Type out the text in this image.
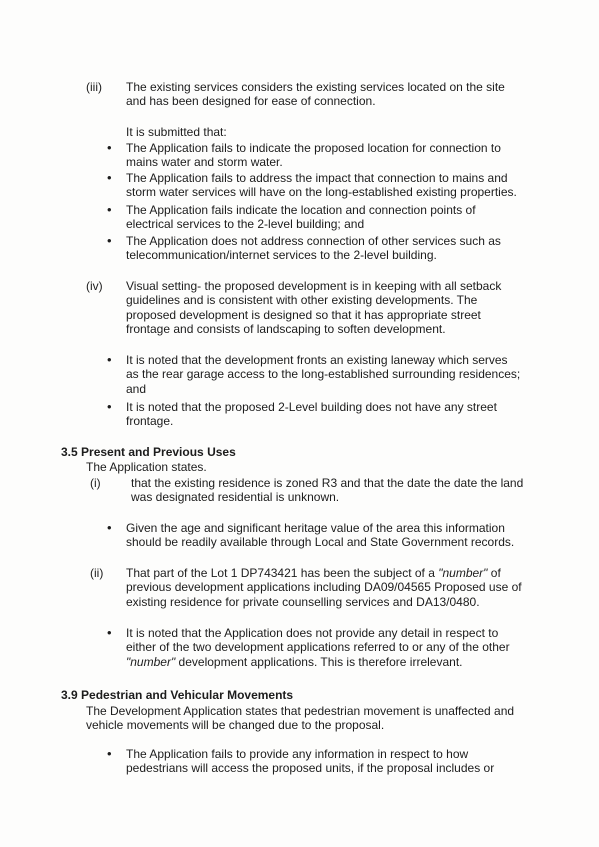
(iii) The existing services considers the existing services located on the site
and has been designed for ease of connection.
It is submitted that:
• The Application fails to indicate the proposed location for connection to
mains water and storm water.
• The Application fails to address the impact that connection to mains and
storm water services will have on the long-established existing properties.
• The Application fails indicate the location and connection points of
electrical services to the 2-level building; and
• The Application does not address connection of other services such as
telecommunication/internet services to the 2-level building.
(iv) Visual setting- the proposed development is in keeping with all setback
guidelines and is consistent with other existing developments. The
proposed development is designed so that it has appropriate street
frontage and consists of landscaping to soften development.
• It is noted that the development fronts an existing laneway which serves
as the rear garage access to the long-established surrounding residences;
and
• It is noted that the proposed 2-Level building does not have any street
frontage.
3.5 Present and Previous Uses
The Application states.
(i)	that the existing residence is zoned R3 and that the date the date the land
was designated residential is unknown.
• Given the age and significant heritage value of the area this information
should be readily available through Local and State Government records.
(ii) That part of the Lot 1 DP743421 has been the subject of a "number" of
previous development applications including DA09/04565 Proposed use of
existing residence for private counselling services and DA13/0480.
• It is noted that the Application does not provide any detail in respect to
either of the two development applications referred to or any of the other
"number" development applications. This is therefore irrelevant.
3.9 Pedestrian and Vehicular Movements
The Development Application states that pedestrian movement is unaffected and
vehicle movements will be changed due to the proposal.
• The Application fails to provide any information in respect to how
pedestrians will access the proposed units, if the proposal includes or
